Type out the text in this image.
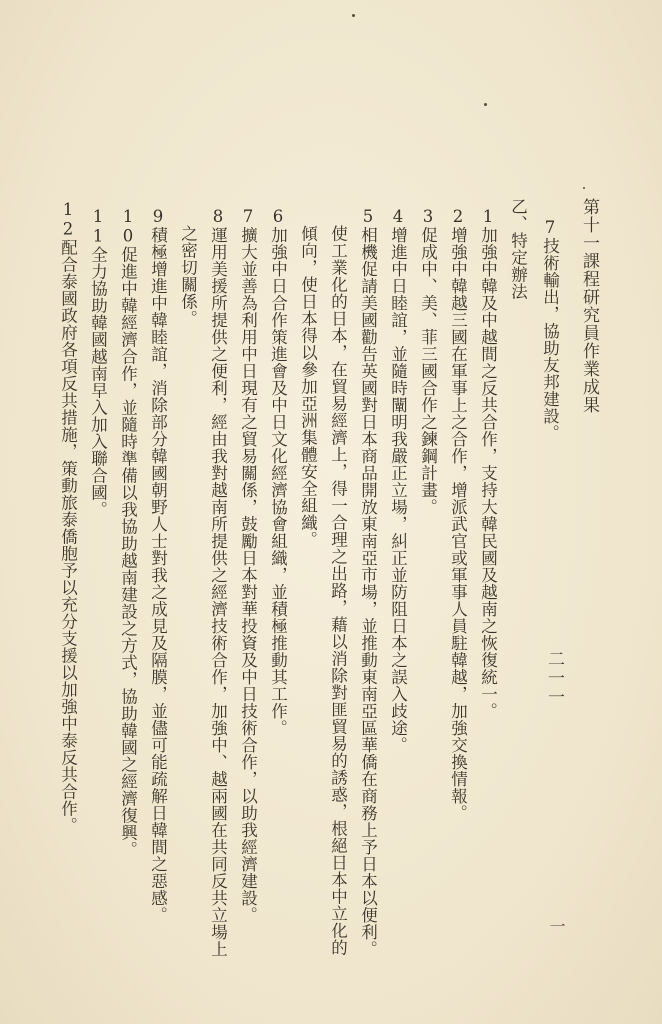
第十一課程研究員作業成果
二一一
一
7技術輸出，協助友邦建設。
乙、特定辦法
1加強中韓及中越間之反共合作，支持大韓民國及越南之恢復統一。
2增強中韓越三國在軍事上之合作，增派武官或軍事人員駐韓越，加強交換情報。
3促成中、美、菲三國合作之鍊鋼計畫。
4增進中日睦誼，並隨時闡明我嚴正立場，糾正並防阻日本之誤入歧途。
5相機促請美國勸告英國對日本商品開放東南亞市場，並推動東南亞區華僑在商務上予日本以便利。
使工業化的日本，在貿易經濟上，得一合理之出路，藉以消除對匪貿易的誘惑，根絕日本中立化的
傾向，使日本得以參加亞洲集體安全組織。
6加強中日合作策進會及中日文化經濟協會組織，並積極推動其工作。
7擴大並善為利用中日現有之貿易關係，鼓勵日本對華投資及中日技術合作，以助我經濟建設。
8運用美援所提供之便利，經由我對越南所提供之經濟技術合作，加強中、越兩國在共同反共立場上
之密切關係。
9積極增進中韓睦誼，消除部分韓國朝野人士對我之成見及隔膜，並儘可能疏解日韓間之惡感。
10促進中韓經濟合作，並隨時準備以我協助越南建設之方式，協助韓國之經濟復興。
11全力協助韓國越南早入加入聯合國。
12配合泰國政府各項反共措施，策動旅泰僑胞予以充分支援以加強中泰反共合作。
